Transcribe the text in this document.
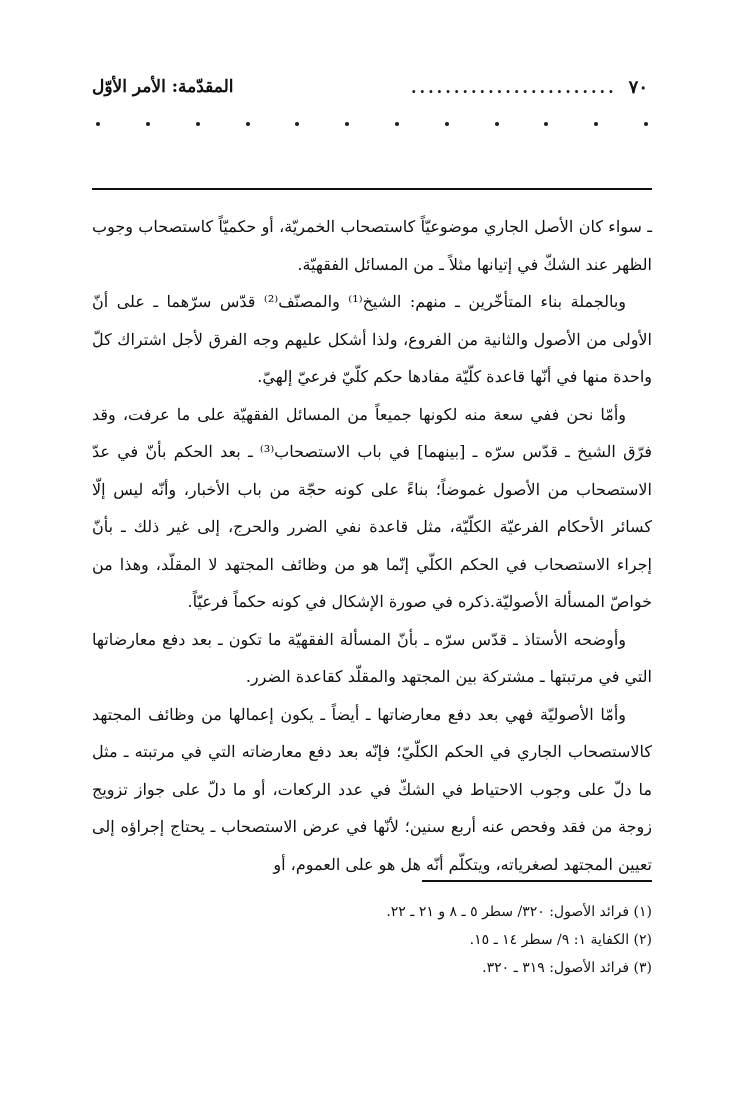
٧٠
........................
المقدّمة: الأمر الأوّل

ـ سواء كان الأصل الجاري موضوعيّاً كاستصحاب الخمريّة، أو حكميّاً كاستصحاب وجوب الظهر عند الشكّ في إتيانها مثلاً ـ من المسائل الفقهيّة.

وبالجملة بناء المتأخّرين ـ منهم: الشيخ⁽¹⁾ والمصنّف⁽²⁾ قدّس سرّهما ـ على أنّ الأولى من الأصول والثانية من الفروع، ولذا أشكل عليهم وجه الفرق لأجل اشتراك كلّ واحدة منها في أنّها قاعدة كلّيّة مفادها حكم كلّيّ فرعيّ إلهيّ.

وأمّا نحن ففي سعة منه لكونها جميعاً من المسائل الفقهيّة على ما عرفت، وقد فرّق الشيخ ـ قدّس سرّه ـ [بينهما] في باب الاستصحاب⁽³⁾ ـ بعد الحكم بأنّ في عدّ الاستصحاب من الأصول غموضاً؛ بناءً على كونه حجّة من باب الأخبار، وأنّه ليس إلّا كسائر الأحكام الفرعيّة الكلّيّة، مثل قاعدة نفي الضرر والحرج، إلى غير ذلك ـ بأنّ إجراء الاستصحاب في الحكم الكلّي إنّما هو من وظائف المجتهد لا المقلّد، وهذا من خواصّ المسألة الأصوليّة.ذكره في صورة الإشكال في كونه حكماً فرعيّاً.

وأوضحه الأستاذ ـ قدّس سرّه ـ بأنّ المسألة الفقهيّة ما تكون ـ بعد دفع معارضاتها التي في مرتبتها ـ مشتركة بين المجتهد والمقلّد كقاعدة الضرر.

وأمّا الأصوليّة فهي بعد دفع معارضاتها ـ أيضاً ـ يكون إعمالها من وظائف المجتهد كالاستصحاب الجاري في الحكم الكلّيّ؛ فإنّه بعد دفع معارضاته التي في مرتبته ـ مثل ما دلّ على وجوب الاحتياط في الشكّ في عدد الركعات، أو ما دلّ على جواز تزويج زوجة من فقد وفحص عنه أربع سنين؛ لأنّها في عرض الاستصحاب ـ يحتاج إجراؤه إلى تعيين المجتهد لصغرياته، ويتكلّم أنّه هل هو على العموم، أو

(١) فرائد الأصول: ٣٢٠/ سطر ٥ ـ ٨ و ٢١ ـ ٢٢.

(٢) الكفاية ١: ٩/ سطر ١٤ ـ ١٥.

(٣) فرائد الأصول: ٣١٩ ـ ٣٢٠.
